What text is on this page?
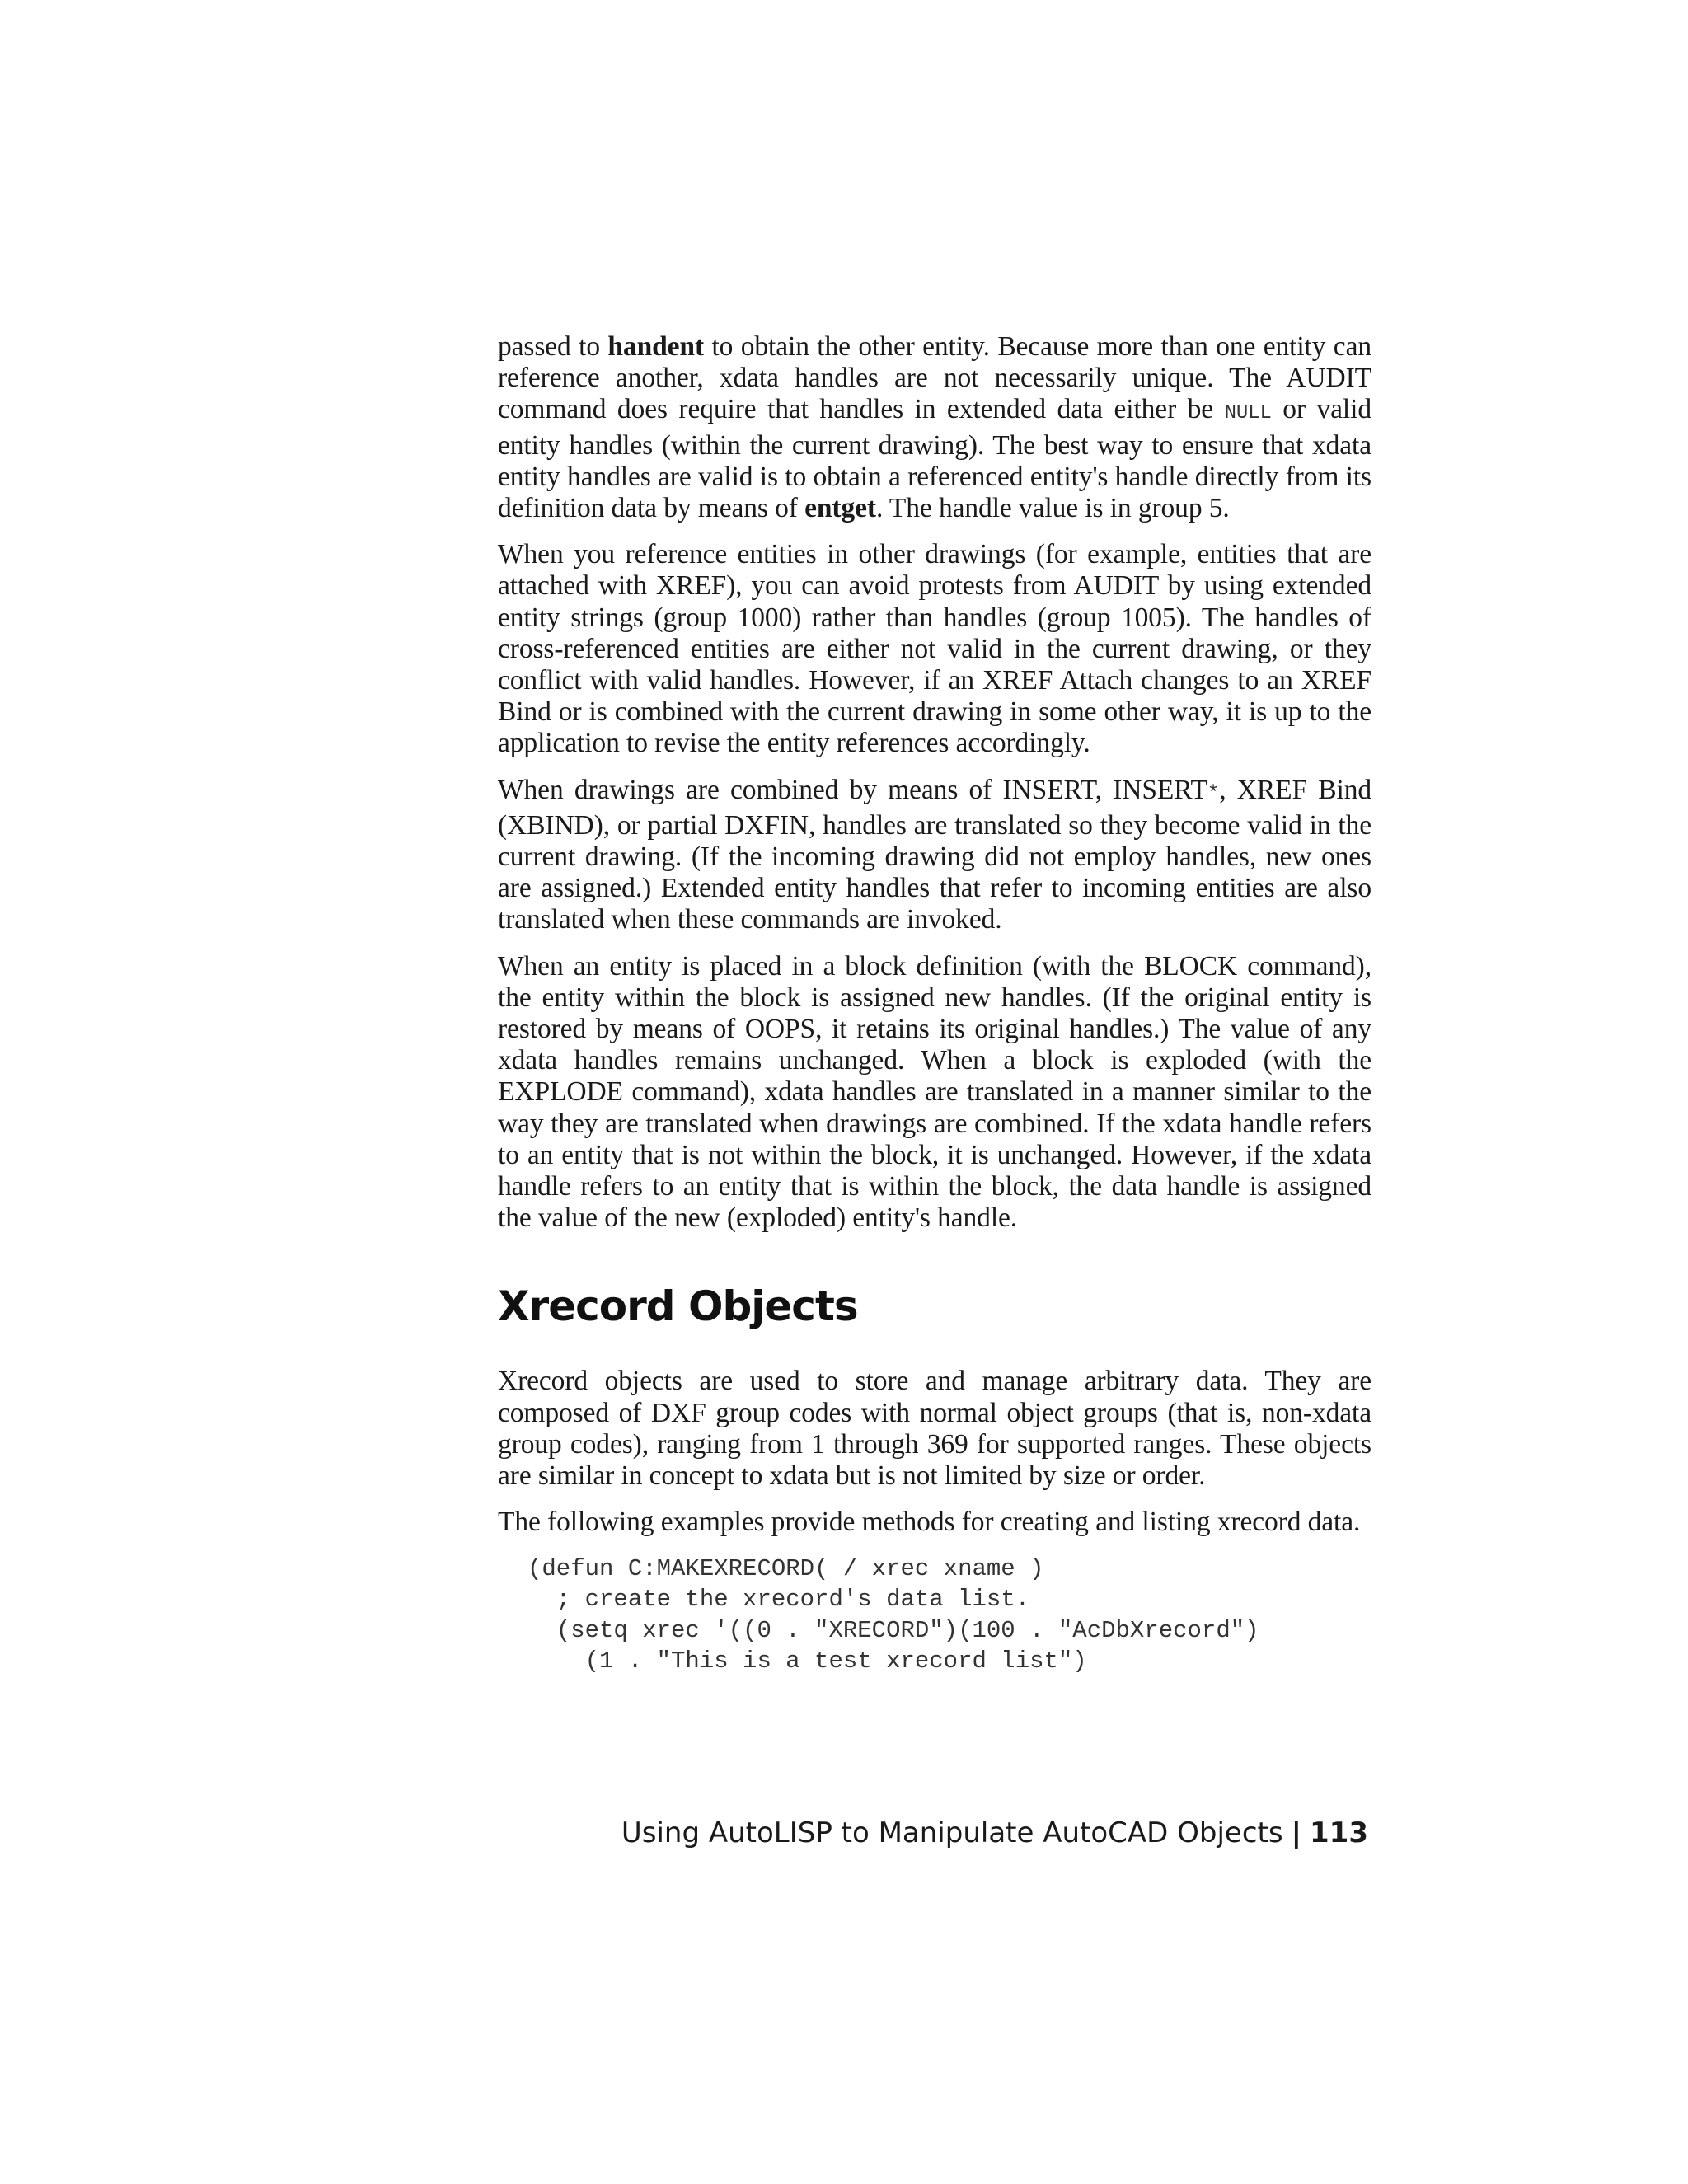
passed to handent to obtain the other entity. Because more than one entity can reference another, xdata handles are not necessarily unique. The AUDIT command does require that handles in extended data either be NULL or valid entity handles (within the current drawing). The best way to ensure that xdata entity handles are valid is to obtain a referenced entity's handle directly from its definition data by means of entget. The handle value is in group 5.

When you reference entities in other drawings (for example, entities that are attached with XREF), you can avoid protests from AUDIT by using extended entity strings (group 1000) rather than handles (group 1005). The handles of cross-referenced entities are either not valid in the current drawing, or they conflict with valid handles. However, if an XREF Attach changes to an XREF Bind or is combined with the current drawing in some other way, it is up to the application to revise the entity references accordingly.

When drawings are combined by means of INSERT, INSERT*, XREF Bind (XBIND), or partial DXFIN, handles are translated so they become valid in the current drawing. (If the incoming drawing did not employ handles, new ones are assigned.) Extended entity handles that refer to incoming entities are also translated when these commands are invoked.

When an entity is placed in a block definition (with the BLOCK command), the entity within the block is assigned new handles. (If the original entity is restored by means of OOPS, it retains its original handles.) The value of any xdata handles remains unchanged. When a block is exploded (with the EXPLODE command), xdata handles are translated in a manner similar to the way they are translated when drawings are combined. If the xdata handle refers to an entity that is not within the block, it is unchanged. However, if the xdata handle refers to an entity that is within the block, the data handle is assigned the value of the new (exploded) entity's handle.

Xrecord Objects

Xrecord objects are used to store and manage arbitrary data. They are composed of DXF group codes with normal object groups (that is, non-xdata group codes), ranging from 1 through 369 for supported ranges. These objects are similar in concept to xdata but is not limited by size or order.

The following examples provide methods for creating and listing xrecord data.

(defun C:MAKEXRECORD( / xrec xname )
; create the xrecord's data list.
(setq xrec '((0 . "XRECORD")(100 . "AcDbXrecord")
(1 . "This is a test xrecord list")
Using AutoLISP to Manipulate AutoCAD Objects | 113
